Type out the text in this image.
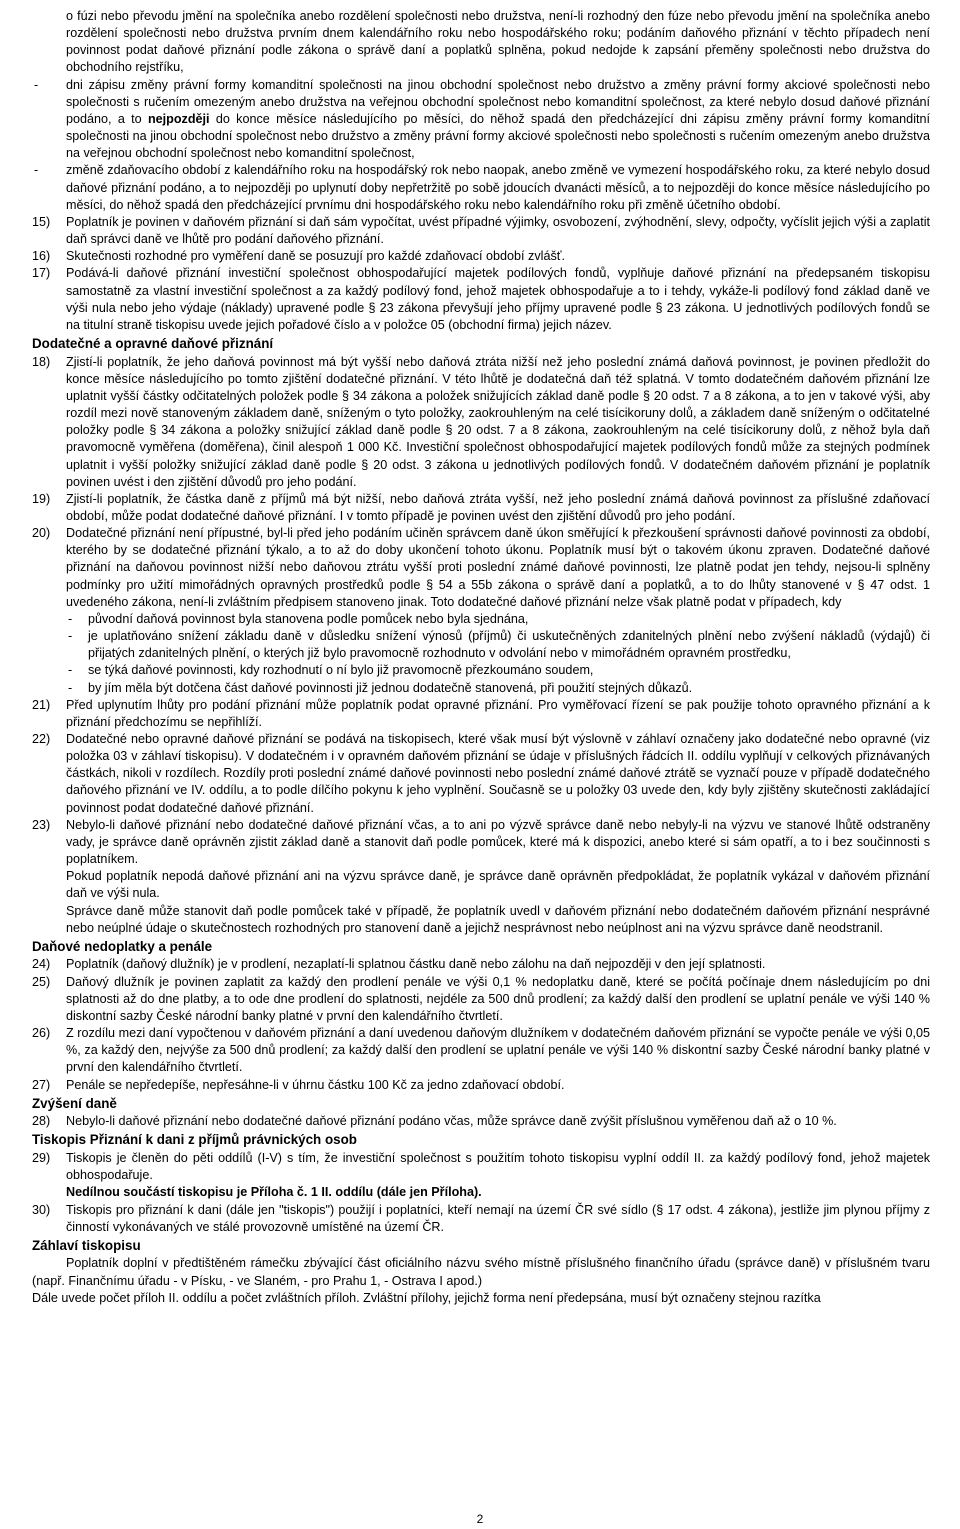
o fúzi nebo převodu jmění na společníka anebo rozdělení společnosti nebo družstva, není-li rozhodný den fúze nebo převodu jmění na společníka anebo rozdělení společnosti nebo družstva prvním dnem kalendářního roku nebo hospodářského roku; podáním daňového přiznání v těchto případech není povinnost podat daňové přiznání podle zákona o správě daní a poplatků splněna, pokud nedojde k zapsání přeměny společnosti nebo družstva do obchodního rejstříku,

-	dni zápisu změny právní formy komanditní společnosti na jinou obchodní společnost nebo družstvo a změny právní formy akciové společnosti nebo společnosti s ručením omezeným anebo družstva na veřejnou obchodní společnost nebo komanditní společnost, za které nebylo dosud daňové přiznání podáno, a to nejpozději do konce měsíce následujícího po měsíci, do něhož spadá den předcházející dni zápisu změny právní formy komanditní společnosti na jinou obchodní společnost nebo družstvo a změny právní formy akciové společnosti nebo společnosti s ručením omezeným anebo družstva na veřejnou obchodní společnost nebo komanditní společnost,
-	změně zdaňovacího období z kalendářního roku na hospodářský rok nebo naopak, anebo změně ve vymezení hospodářského roku, za které nebylo dosud daňové přiznání podáno, a to nejpozději po uplynutí doby nepřetržitě po sobě jdoucích dvanácti měsíců, a to nejpozději do konce měsíce následujícího po měsíci, do něhož spadá den předcházející prvnímu dni hospodářského roku nebo kalendářního roku při změně účetního období.
15)	Poplatník je povinen v daňovém přiznání si daň sám vypočítat, uvést případné výjimky, osvobození, zvýhodnění, slevy, odpočty, vyčíslit jejich výši a zaplatit daň správci daně ve lhůtě pro podání daňového přiznání.
16)	Skutečnosti rozhodné pro vyměření daně se posuzují pro každé zdaňovací období zvlášť.
17)	Podává-li daňové přiznání investiční společnost obhospodařující majetek podílových fondů, vyplňuje daňové přiznání na předepsaném tiskopisu samostatně za vlastní investiční společnost a za každý podílový fond, jehož majetek obhospodařuje a to i tehdy, vykáže-li podílový fond základ daně ve výši nula nebo jeho výdaje (náklady) upravené podle § 23 zákona převyšují jeho příjmy upravené podle § 23 zákona. U jednotlivých podílových fondů se na titulní straně tiskopisu uvede jejich pořadové číslo a v položce 05 (obchodní firma) jejich název.
Dodatečné a opravné daňové přiznání
18)	Zjistí-li poplatník, že jeho daňová povinnost má být vyšší nebo daňová ztráta nižší než jeho poslední známá daňová povinnost, je povinen předložit do konce měsíce následujícího po tomto zjištění dodatečné přiznání. V této lhůtě je dodatečná daň též splatná. V tomto dodatečném daňovém přiznání lze uplatnit vyšší částky odčitatelných položek podle § 34 zákona a položek snižujících základ daně podle § 20 odst. 7 a 8 zákona, a to jen v takové výši, aby rozdíl mezi nově stanoveným základem daně, sníženým o tyto položky, zaokrouhleným na celé tisícikoruny dolů, a základem daně sníženým o odčitatelné položky podle § 34 zákona a položky snižující základ daně podle § 20 odst. 7 a 8 zákona, zaokrouhleným na celé tisícikoruny dolů, z něhož byla daň pravomocně vyměřena (doměřena), činil alespoň 1 000 Kč. Investiční společnost obhospodařující majetek podílových fondů může za stejných podmínek uplatnit i vyšší položky snižující základ daně podle § 20 odst. 3 zákona u jednotlivých podílových fondů. V dodatečném daňovém přiznání je poplatník povinen uvést i den zjištění důvodů pro jeho podání.
19)	Zjistí-li poplatník, že částka daně z příjmů má být nižší, nebo daňová ztráta vyšší, než jeho poslední známá daňová povinnost za příslušné zdaňovací období, může podat dodatečné daňové přiznání. I v tomto případě je povinen uvést den zjištění důvodů pro jeho podání.
20)	Dodatečné přiznání není přípustné, byl-li před jeho podáním učiněn správcem daně úkon směřující k přezkoušení správnosti daňové povinnosti za období, kterého by se dodatečné přiznání týkalo, a to až do doby ukončení tohoto úkonu. Poplatník musí být o takovém úkonu zpraven. Dodatečné daňové přiznání na daňovou povinnost nižší nebo daňovou ztrátu vyšší proti poslední známé daňové povinnosti, lze platně podat jen tehdy, nejsou-li splněny podmínky pro užití mimořádných opravných prostředků podle § 54 a 55b zákona o správě daní a poplatků, a to do lhůty stanovené v § 47 odst. 1 uvedeného zákona, není-li zvláštním předpisem stanoveno jinak. Toto dodatečné daňové přiznání nelze však platně podat v případech, kdy
-	původní daňová povinnost byla stanovena podle pomůcek nebo byla sjednána,
-	je uplatňováno snížení základu daně v důsledku snížení výnosů (příjmů) či uskutečněných zdanitelných plnění nebo zvýšení nákladů (výdajů) či přijatých zdanitelných plnění, o kterých již bylo pravomocně rozhodnuto v odvolání nebo v mimořádném opravném prostředku,
-	se týká daňové povinnosti, kdy rozhodnutí o ní bylo již pravomocně přezkoumáno soudem,
-	by jím měla být dotčena část daňové povinnosti již jednou dodatečně stanovená, při použití stejných důkazů.
21)	Před uplynutím lhůty pro podání přiznání může poplatník podat opravné přiznání. Pro vyměřovací řízení se pak použije tohoto opravného přiznání a k přiznání předchozímu se nepřihlíží.
22)	Dodatečné nebo opravné daňové přiznání se podává na tiskopisech, které však musí být výslovně v záhlaví označeny jako dodatečné nebo opravné (viz položka 03 v záhlaví tiskopisu). V dodatečném i v opravném daňovém přiznání se údaje v příslušných řádcích II. oddílu vyplňují v celkových přiznávaných částkách, nikoli v rozdílech. Rozdíly proti poslední známé daňové povinnosti nebo poslední známé daňové ztrátě se vyznačí pouze v případě dodatečného daňového přiznání ve IV. oddílu, a to podle dílčího pokynu k jeho vyplnění. Současně se u položky 03 uvede den, kdy byly zjištěny skutečnosti zakládající povinnost podat dodatečné daňové přiznání.
23)	Nebylo-li daňové přiznání nebo dodatečné daňové přiznání včas, a to ani po výzvě správce daně nebo nebyly-li na výzvu ve stanové lhůtě odstraněny vady, je správce daně oprávněn zjistit základ daně a stanovit daň podle pomůcek, které má k dispozici, anebo které si sám opatří, a to i bez součinnosti s poplatníkem.

Pokud poplatník nepodá daňové přiznání ani na výzvu správce daně, je správce daně oprávněn předpokládat, že poplatník vykázal v daňovém přiznání daň ve výši nula.

Správce daně může stanovit daň podle pomůcek také v případě, že poplatník uvedl v daňovém přiznání nebo dodatečném daňovém přiznání nesprávné nebo neúplné údaje o skutečnostech rozhodných pro stanovení daně a jejichž nesprávnost nebo neúplnost ani na výzvu správce daně neodstranil.

Daňové nedoplatky a penále
24)	Poplatník (daňový dlužník) je v prodlení, nezaplatí-li splatnou částku daně nebo zálohu na daň nejpozději v den její splatnosti.
25)	Daňový dlužník je povinen zaplatit za každý den prodlení penále ve výši 0,1 % nedoplatku daně, které se počítá počínaje dnem následujícím po dni splatnosti až do dne platby, a to ode dne prodlení do splatnosti, nejdéle za 500 dnů prodlení; za každý další den prodlení se uplatní penále ve výši 140 % diskontní sazby České národní banky platné v první den kalendářního čtvrtletí.
26)	Z rozdílu mezi daní vypočtenou v daňovém přiznání a daní uvedenou daňovým dlužníkem v dodatečném daňovém přiznání se vypočte penále ve výši 0,05 %, za každý den, nejvýše za 500 dnů prodlení; za každý další den prodlení se uplatní penále ve výši 140 % diskontní sazby České národní banky platné v první den kalendářního čtvrtletí.
27)	Penále se nepředepíše, nepřesáhne-li v úhrnu částku 100 Kč za jedno zdaňovací období.
Zvýšení daně
28)	Nebylo-li daňové přiznání nebo dodatečné daňové přiznání podáno včas, může správce daně zvýšit příslušnou vyměřenou daň až o 10 %.
Tiskopis Přiznání k dani z příjmů právnických osob
29)	Tiskopis je členěn do pěti oddílů (I-V) s tím, že investiční společnost s použitím tohoto tiskopisu vyplní oddíl II. za každý podílový fond, jehož majetek obhospodařuje.

Nedílnou součástí tiskopisu je Příloha č. 1 II. oddílu (dále jen Příloha).

30)	Tiskopis pro přiznání k dani (dále jen "tiskopis") použijí i poplatníci, kteří nemají na území ČR své sídlo (§ 17 odst. 4 zákona), jestliže jim plynou příjmy z činností vykonávaných ve stálé provozovně umístěné na území ČR.
Záhlaví tiskopisu

Poplatník doplní v předtištěném rámečku zbývající část oficiálního názvu svého místně příslušného finančního úřadu (správce daně) v příslušném tvaru (např. Finančnímu úřadu - v Písku, - ve Slaném, - pro Prahu 1, - Ostrava I apod.)

Dále uvede počet příloh II. oddílu a počet zvláštních příloh. Zvláštní přílohy, jejichž forma není předepsána, musí být označeny stejnou razítka

2
